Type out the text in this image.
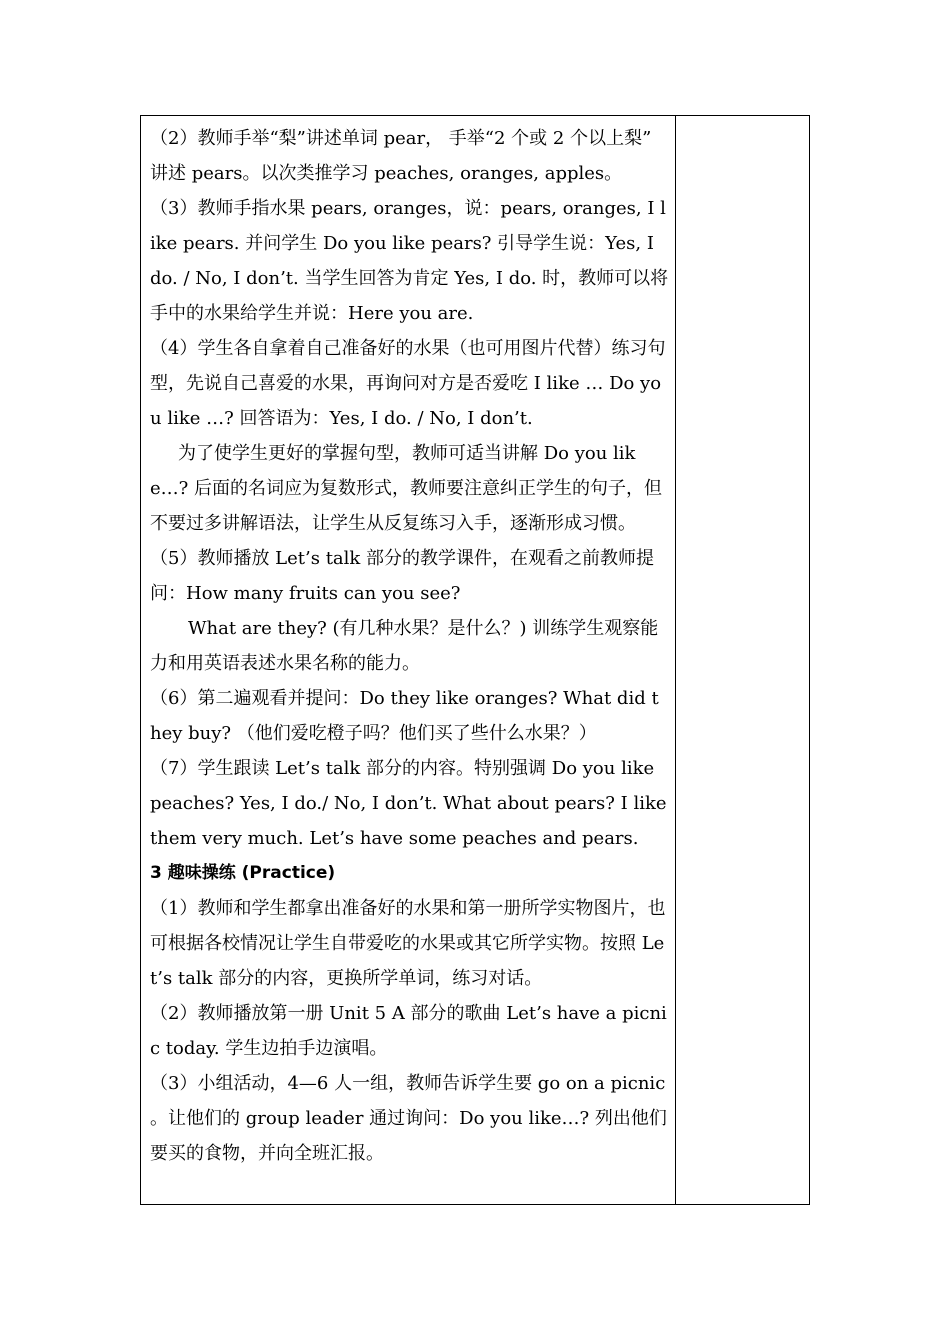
（2）教师手举“梨”讲述单词 pear， 手举“2 个或 2 个以上梨” 讲述 pears。以次类推学习 peaches, oranges, apples。

（3）教师手指水果 pears, oranges，说：pears, oranges, I like pears. 并问学生 Do you like pears? 引导学生说：Yes, I do. / No, I don’t. 当学生回答为肯定 Yes, I do. 时，教师可以将手中的水果给学生并说：Here you are.

（4）学生各自拿着自己准备好的水果（也可用图片代替）练习句型，先说自己喜爱的水果，再询问对方是否爱吃 I like … Do you like …? 回答语为：Yes, I do. / No, I don’t.

为了使学生更好的掌握句型，教师可适当讲解 Do you like…? 后面的名词应为复数形式，教师要注意纠正学生的句子，但不要过多讲解语法，让学生从反复练习入手，逐渐形成习惯。

（5）教师播放 Let’s talk 部分的教学课件，在观看之前教师提问：How many fruits can you see?

What are they? (有几种水果？是什么？) 训练学生观察能力和用英语表述水果名称的能力。

（6）第二遍观看并提问：Do they like oranges? What did they buy? （他们爱吃橙子吗？他们买了些什么水果？）

（7）学生跟读 Let’s talk 部分的内容。特别强调 Do you like peaches? Yes, I do./ No, I don’t. What about pears? I like them very much. Let’s have some peaches and pears.

3 趣味操练 (Practice)

（1）教师和学生都拿出准备好的水果和第一册所学实物图片，也可根据各校情况让学生自带爱吃的水果或其它所学实物。按照 Let’s talk 部分的内容，更换所学单词，练习对话。

（2）教师播放第一册 Unit 5 A 部分的歌曲 Let’s have a picnic today. 学生边拍手边演唱。

（3）小组活动，4—6 人一组，教师告诉学生要 go on a picnic 。让他们的 group leader 通过询问：Do you like…? 列出他们要买的食物，并向全班汇报。
